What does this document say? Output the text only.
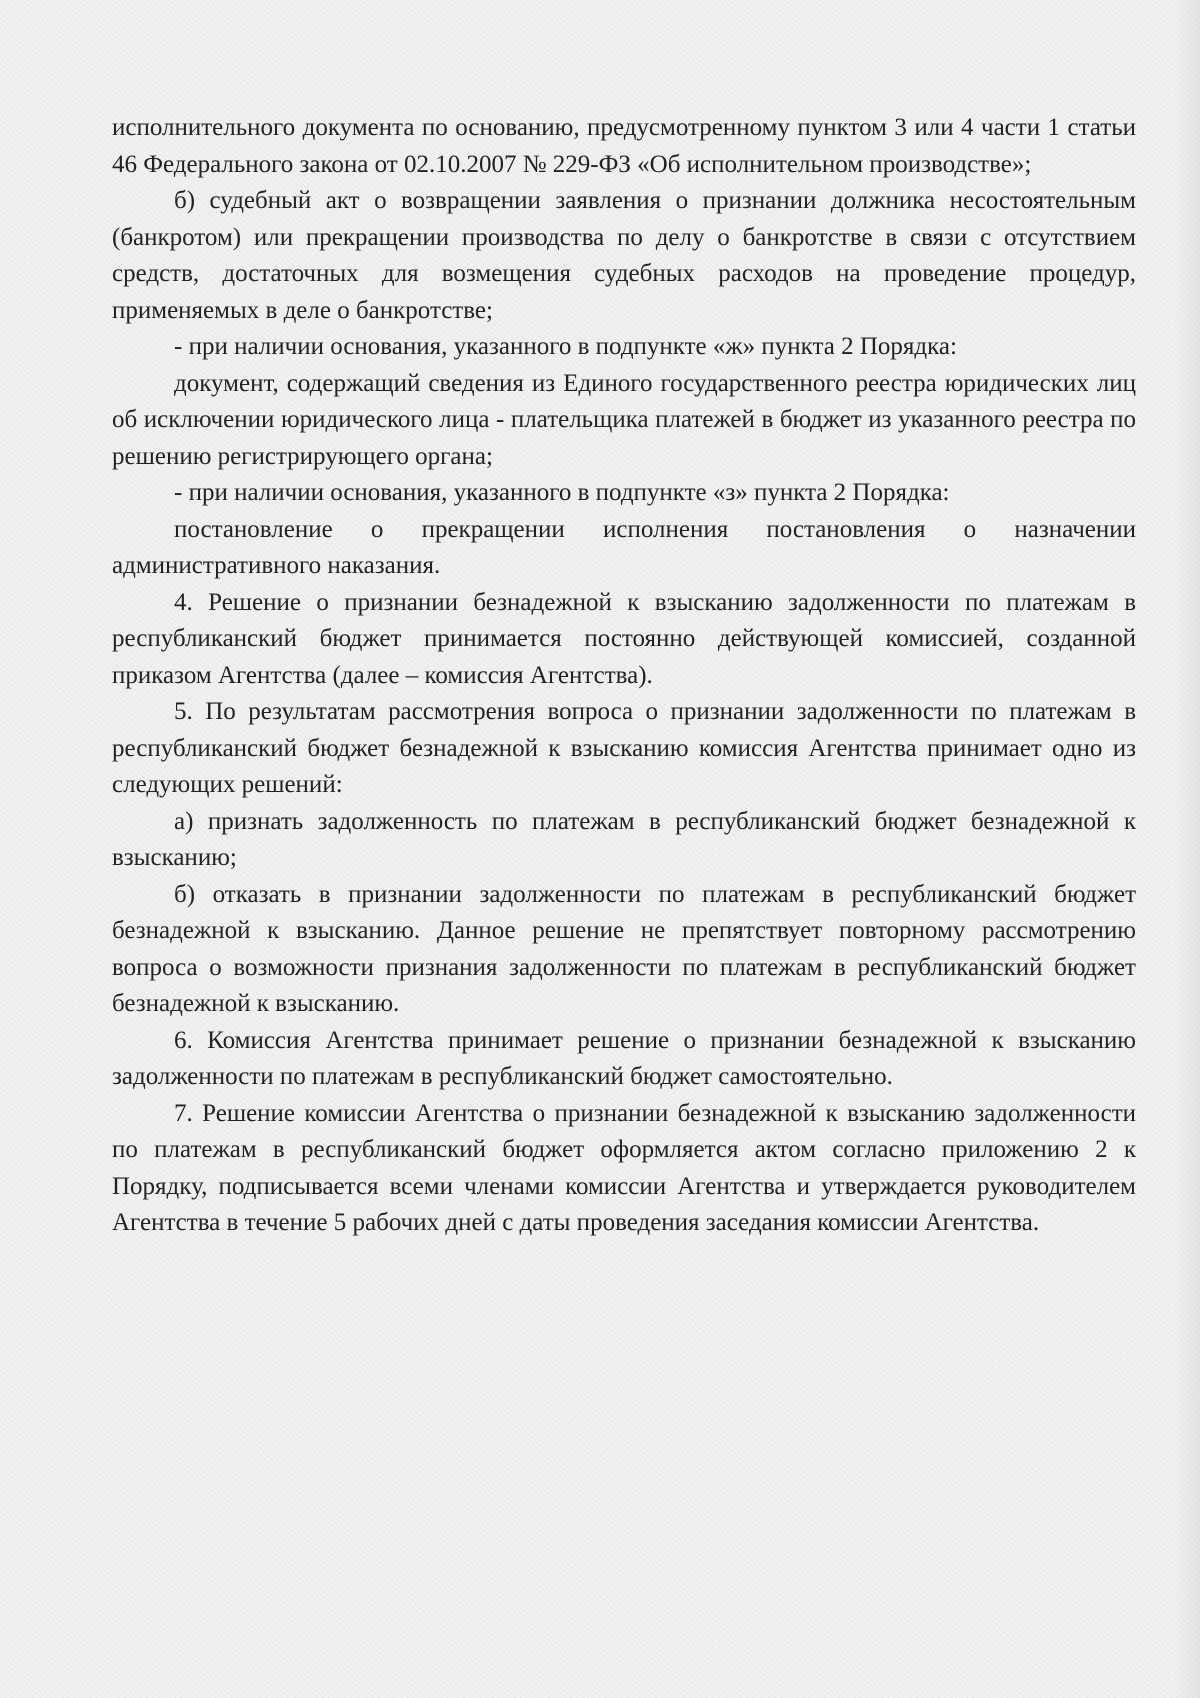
исполнительного документа по основанию, предусмотренному пунктом 3 или 4 части 1 статьи 46 Федерального закона от 02.10.2007 № 229-ФЗ «Об исполнительном производстве»;

б) судебный акт о возвращении заявления о признании должника несостоятельным (банкротом) или прекращении производства по делу о банкротстве в связи с отсутствием средств, достаточных для возмещения судебных расходов на проведение процедур, применяемых в деле о банкротстве;

- при наличии основания, указанного в подпункте «ж» пункта 2 Порядка:

документ, содержащий сведения из Единого государственного реестра юридических лиц об исключении юридического лица - плательщика платежей в бюджет из указанного реестра по решению регистрирующего органа;

- при наличии основания, указанного в подпункте «з» пункта 2 Порядка:

постановление о прекращении исполнения постановления о назначении административного наказания.

4. Решение о признании безнадежной к взысканию задолженности по платежам в республиканский бюджет принимается постоянно действующей комиссией, созданной приказом Агентства (далее – комиссия Агентства).

5. По результатам рассмотрения вопроса о признании задолженности по платежам в республиканский бюджет безнадежной к взысканию комиссия Агентства принимает одно из следующих решений:

а) признать задолженность по платежам в республиканский бюджет безнадежной к взысканию;

б) отказать в признании задолженности по платежам в республиканский бюджет безнадежной к взысканию. Данное решение не препятствует повторному рассмотрению вопроса о возможности признания задолженности по платежам в республиканский бюджет безнадежной к взысканию.

6. Комиссия Агентства принимает решение о признании безнадежной к взысканию задолженности по платежам в республиканский бюджет самостоятельно.

7. Решение комиссии Агентства о признании безнадежной к взысканию задолженности по платежам в республиканский бюджет оформляется актом согласно приложению 2 к Порядку, подписывается всеми членами комиссии Агентства и утверждается руководителем Агентства в течение 5 рабочих дней с даты проведения заседания комиссии Агентства.
